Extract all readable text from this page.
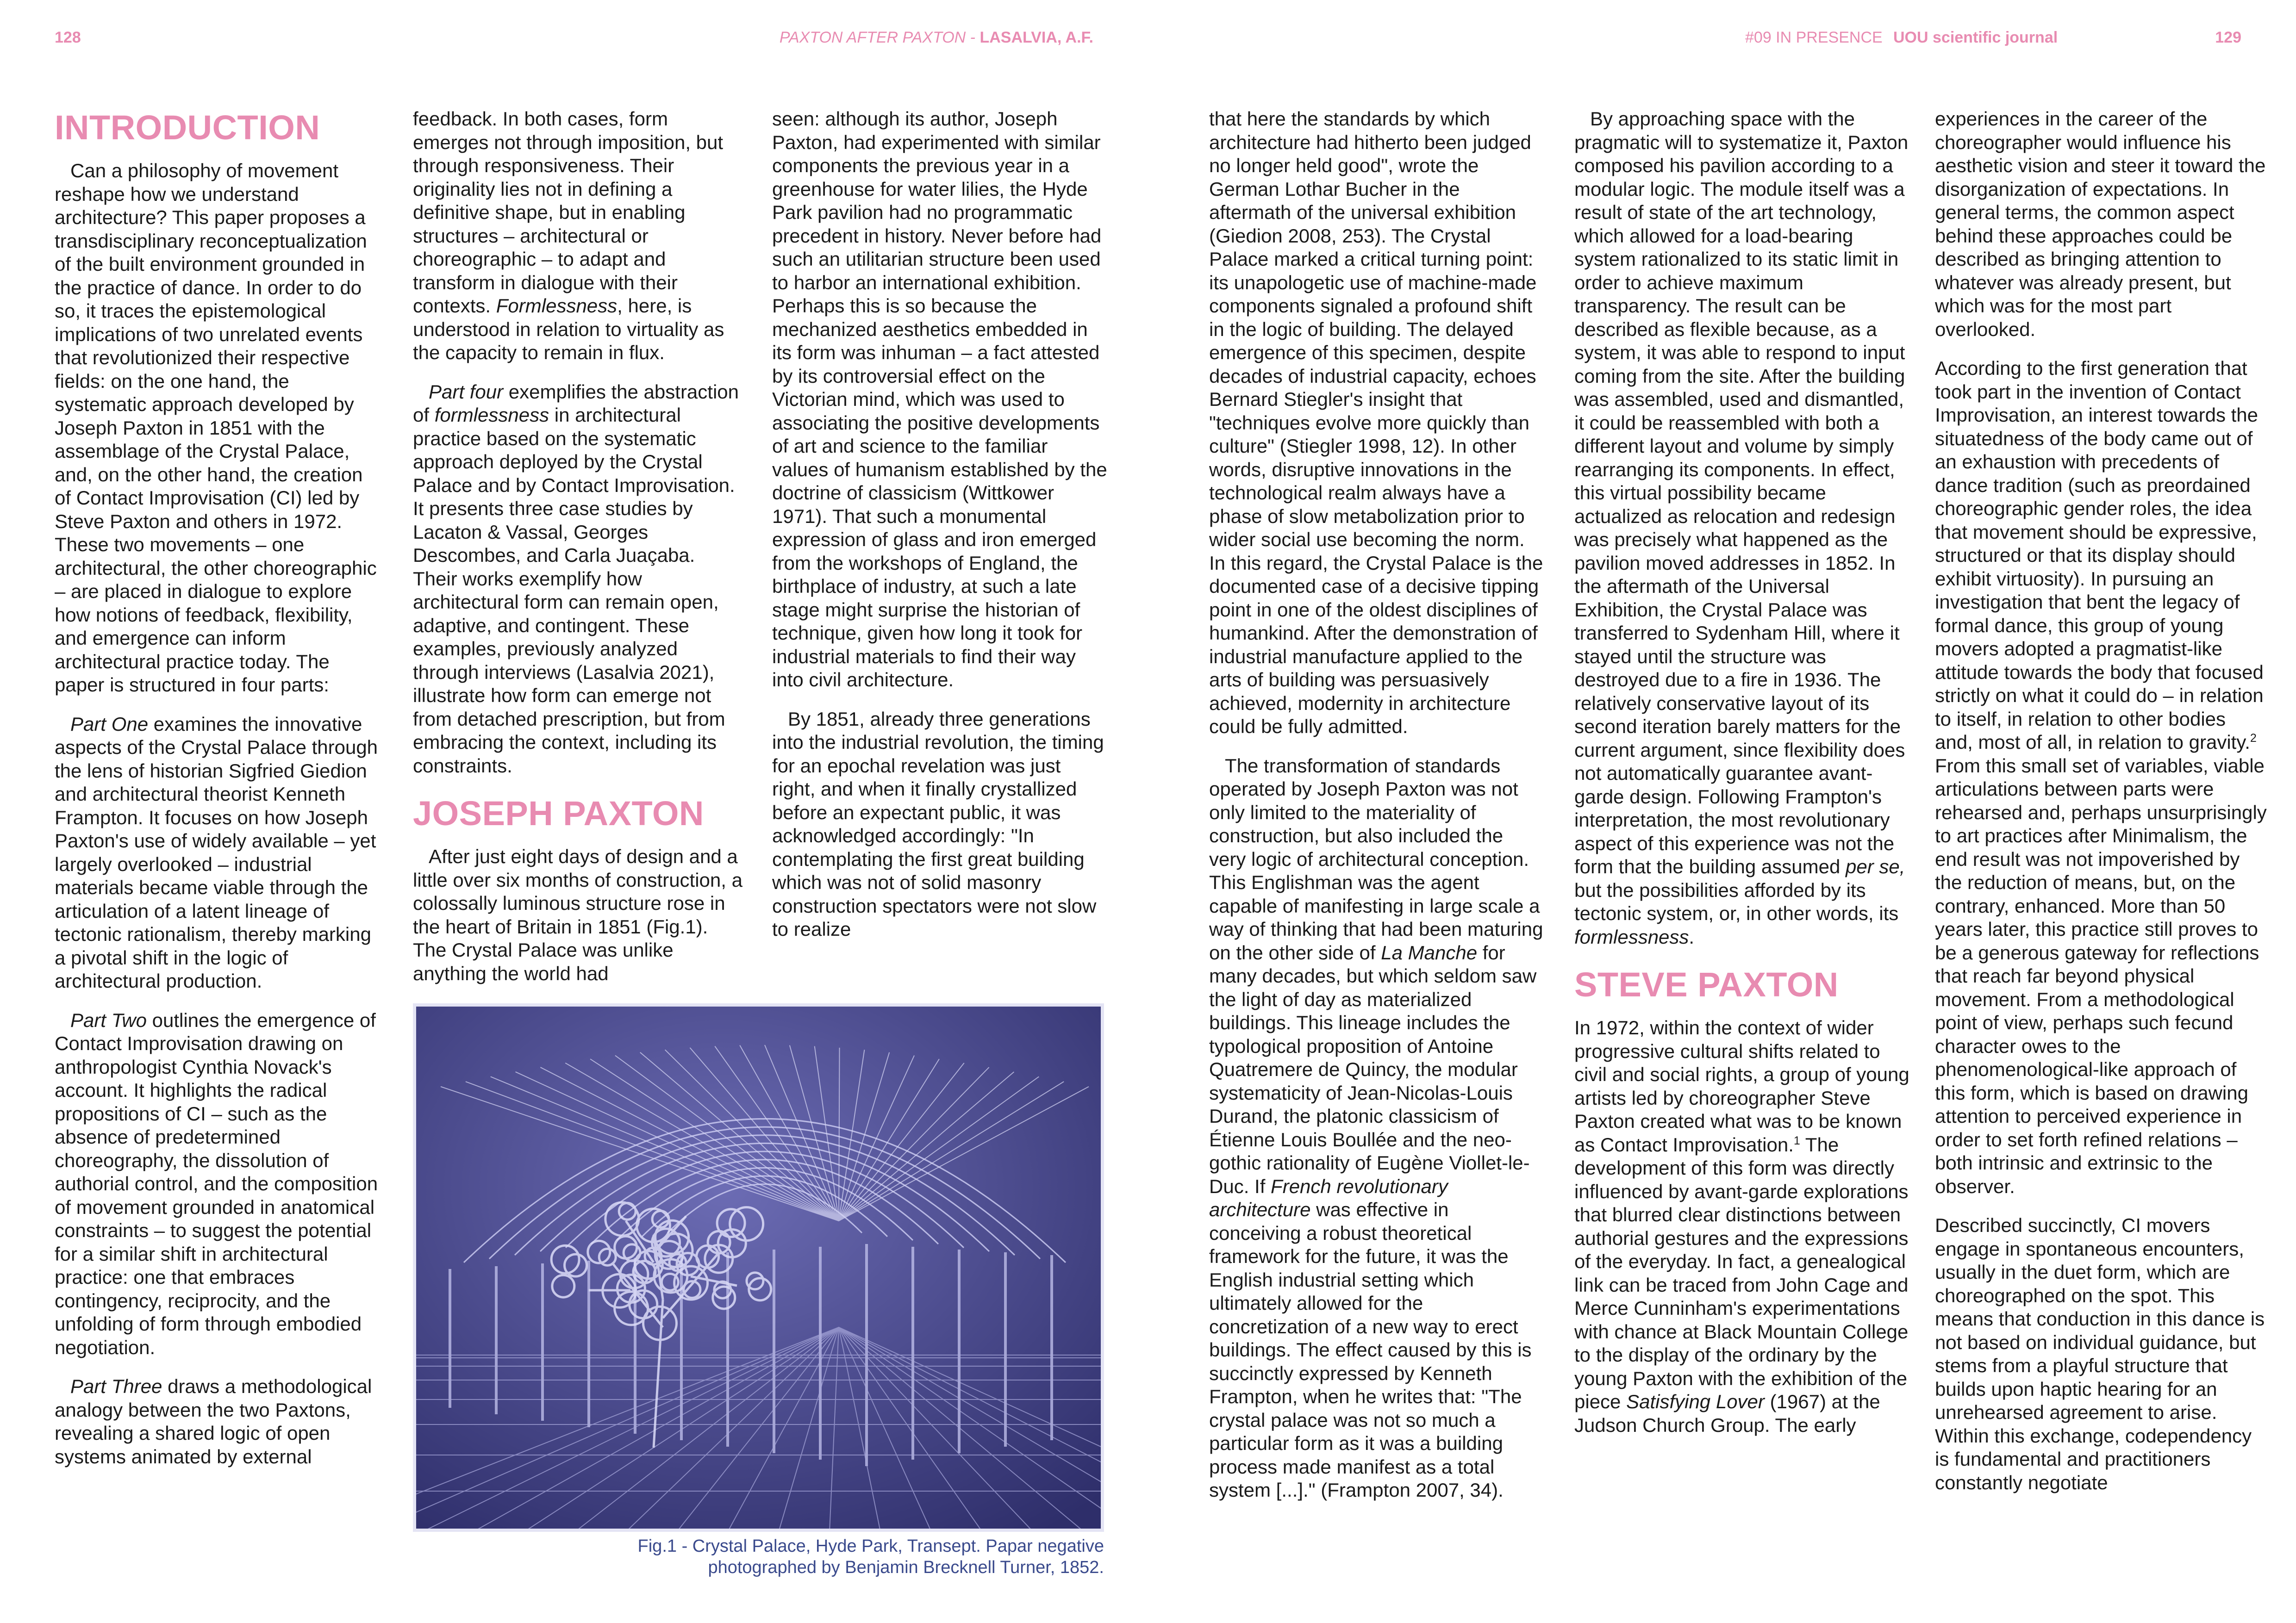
128	PAXTON AFTER PAXTON - LASALVIA, A.F.
INTRODUCTION

Can a philosophy of movement reshape how we understand architecture? This paper proposes a transdisciplinary reconceptualization of the built environment grounded in the practice of dance. In order to do so, it traces the epistemological implications of two unrelated events that revolutionized their respective fields: on the one hand, the systematic approach developed by Joseph Paxton in 1851 with the assemblage of the Crystal Palace, and, on the other hand, the creation of Contact Improvisation (CI) led by Steve Paxton and others in 1972. These two movements – one architectural, the other choreographic – are placed in dialogue to explore how notions of feedback, flexibility, and emergence can inform architectural practice today. The paper is structured in four parts:

Part One examines the innovative aspects of the Crystal Palace through the lens of historian Sigfried Giedion and architectural theorist Kenneth Frampton. It focuses on how Joseph Paxton's use of widely available – yet largely overlooked – industrial materials became viable through the articulation of a latent lineage of tectonic rationalism, thereby marking a pivotal shift in the logic of architectural production.

Part Two outlines the emergence of Contact Improvisation drawing on anthropologist Cynthia Novack's account. It highlights the radical propositions of CI – such as the absence of predetermined choreography, the dissolution of authorial control, and the composition of movement grounded in anatomical constraints – to suggest the potential for a similar shift in architectural practice: one that embraces contingency, reciprocity, and the unfolding of form through embodied negotiation.

Part Three draws a methodological analogy between the two Paxtons, revealing a shared logic of open systems animated by external

feedback. In both cases, form emerges not through imposition, but through responsiveness. Their originality lies not in defining a definitive shape, but in enabling structures – architectural or choreographic – to adapt and transform in dialogue with their contexts. Formlessness, here, is understood in relation to virtuality as the capacity to remain in flux.

Part four exemplifies the abstraction of formlessness in architectural practice based on the systematic approach deployed by the Crystal Palace and by Contact Improvisation. It presents three case studies by Lacaton & Vassal, Georges Descombes, and Carla Juaçaba. Their works exemplify how architectural form can remain open, adaptive, and contingent. These examples, previously analyzed through interviews (Lasalvia 2021), illustrate how form can emerge not from detached prescription, but from embracing the context, including its constraints.

JOSEPH PAXTON

After just eight days of design and a little over six months of construction, a colossally luminous structure rose in the heart of Britain in 1851 (Fig.1). The Crystal Palace was unlike anything the world had

seen: although its author, Joseph Paxton, had experimented with similar components the previous year in a greenhouse for water lilies, the Hyde Park pavilion had no programmatic precedent in history. Never before had such an utilitarian structure been used to harbor an international exhibition. Perhaps this is so because the mechanized aesthetics embedded in its form was inhuman – a fact attested by its controversial effect on the Victorian mind, which was used to associating the positive developments of art and science to the familiar values of humanism established by the doctrine of classicism (Wittkower 1971). That such a monumental expression of glass and iron emerged from the workshops of England, the birthplace of industry, at such a late stage might surprise the historian of technique, given how long it took for industrial materials to find their way into civil architecture.

By 1851, already three generations into the industrial revolution, the timing for an epochal revelation was just right, and when it finally crystallized before an expectant public, it was acknowledged accordingly: "In contemplating the first great building which was not of solid masonry construction spectators were not slow to realize

Fig.1 - Crystal Palace, Hyde Park, Transept. Papar negative
photographed by Benjamin Brecknell Turner, 1852.
#09 IN PRESENCE UOU scientific journal	129

that here the standards by which architecture had hitherto been judged no longer held good", wrote the German Lothar Bucher in the aftermath of the universal exhibition (Giedion 2008, 253). The Crystal Palace marked a critical turning point: its unapologetic use of machine-made components signaled a profound shift in the logic of building. The delayed emergence of this specimen, despite decades of industrial capacity, echoes Bernard Stiegler's insight that "techniques evolve more quickly than culture" (Stiegler 1998, 12). In other words, disruptive innovations in the technological realm always have a phase of slow metabolization prior to wider social use becoming the norm. In this regard, the Crystal Palace is the documented case of a decisive tipping point in one of the oldest disciplines of humankind. After the demonstration of industrial manufacture applied to the arts of building was persuasively achieved, modernity in architecture could be fully admitted.

The transformation of standards operated by Joseph Paxton was not only limited to the materiality of construction, but also included the very logic of architectural conception. This Englishman was the agent capable of manifesting in large scale a way of thinking that had been maturing on the other side of La Manche for many decades, but which seldom saw the light of day as materialized buildings. This lineage includes the typological proposition of Antoine Quatremere de Quincy, the modular systematicity of Jean-Nicolas-Louis Durand, the platonic classicism of Étienne Louis Boullée and the neo-gothic rationality of Eugène Viollet-le-Duc. If French revolutionary architecture was effective in conceiving a robust theoretical framework for the future, it was the English industrial setting which ultimately allowed for the concretization of a new way to erect buildings. The effect caused by this is succinctly expressed by Kenneth Frampton, when he writes that: "The crystal palace was not so much a particular form as it was a building process made manifest as a total system [...]." (Frampton 2007, 34).

By approaching space with the pragmatic will to systematize it, Paxton composed his pavilion according to a modular logic. The module itself was a result of state of the art technology, which allowed for a load-bearing system rationalized to its static limit in order to achieve maximum transparency. The result can be described as flexible because, as a system, it was able to respond to input coming from the site. After the building was assembled, used and dismantled, it could be reassembled with both a different layout and volume by simply rearranging its components. In effect, this virtual possibility became actualized as relocation and redesign was precisely what happened as the pavilion moved addresses in 1852. In the aftermath of the Universal Exhibition, the Crystal Palace was transferred to Sydenham Hill, where it stayed until the structure was destroyed due to a fire in 1936. The relatively conservative layout of its second iteration barely matters for the current argument, since flexibility does not automatically guarantee avant-garde design. Following Frampton's interpretation, the most revolutionary aspect of this experience was not the form that the building assumed per se, but the possibilities afforded by its tectonic system, or, in other words, its formlessness.

STEVE PAXTON

In 1972, within the context of wider progressive cultural shifts related to civil and social rights, a group of young artists led by choreographer Steve Paxton created what was to be known as Contact Improvisation.$^1$ The development of this form was directly influenced by avant-garde explorations that blurred clear distinctions between authorial gestures and the expressions of the everyday. In fact, a genealogical link can be traced from John Cage and Merce Cunninham's experimentations with chance at Black Mountain College to the display of the ordinary by the young Paxton with the exhibition of the piece Satisfying Lover (1967) at the Judson Church Group. The early

experiences in the career of the choreographer would influence his aesthetic vision and steer it toward the disorganization of expectations. In general terms, the common aspect behind these approaches could be described as bringing attention to whatever was already present, but which was for the most part overlooked.

According to the first generation that took part in the invention of Contact Improvisation, an interest towards the situatedness of the body came out of an exhaustion with precedents of dance tradition (such as preordained choreographic gender roles, the idea that movement should be expressive, structured or that its display should exhibit virtuosity). In pursuing an investigation that bent the legacy of formal dance, this group of young movers adopted a pragmatist-like attitude towards the body that focused strictly on what it could do – in relation to itself, in relation to other bodies and, most of all, in relation to gravity.$^2$ From this small set of variables, viable articulations between parts were rehearsed and, perhaps unsurprisingly to art practices after Minimalism, the end result was not impoverished by the reduction of means, but, on the contrary, enhanced. More than 50 years later, this practice still proves to be a generous gateway for reflections that reach far beyond physical movement. From a methodological point of view, perhaps such fecund character owes to the phenomenological-like approach of this form, which is based on drawing attention to perceived experience in order to set forth refined relations – both intrinsic and extrinsic to the observer.

Described succinctly, CI movers engage in spontaneous encounters, usually in the duet form, which are choreographed on the spot. This means that conduction in this dance is not based on individual guidance, but stems from a playful structure that builds upon haptic hearing for an unrehearsed agreement to arise. Within this exchange, codependency is fundamental and practitioners constantly negotiate
